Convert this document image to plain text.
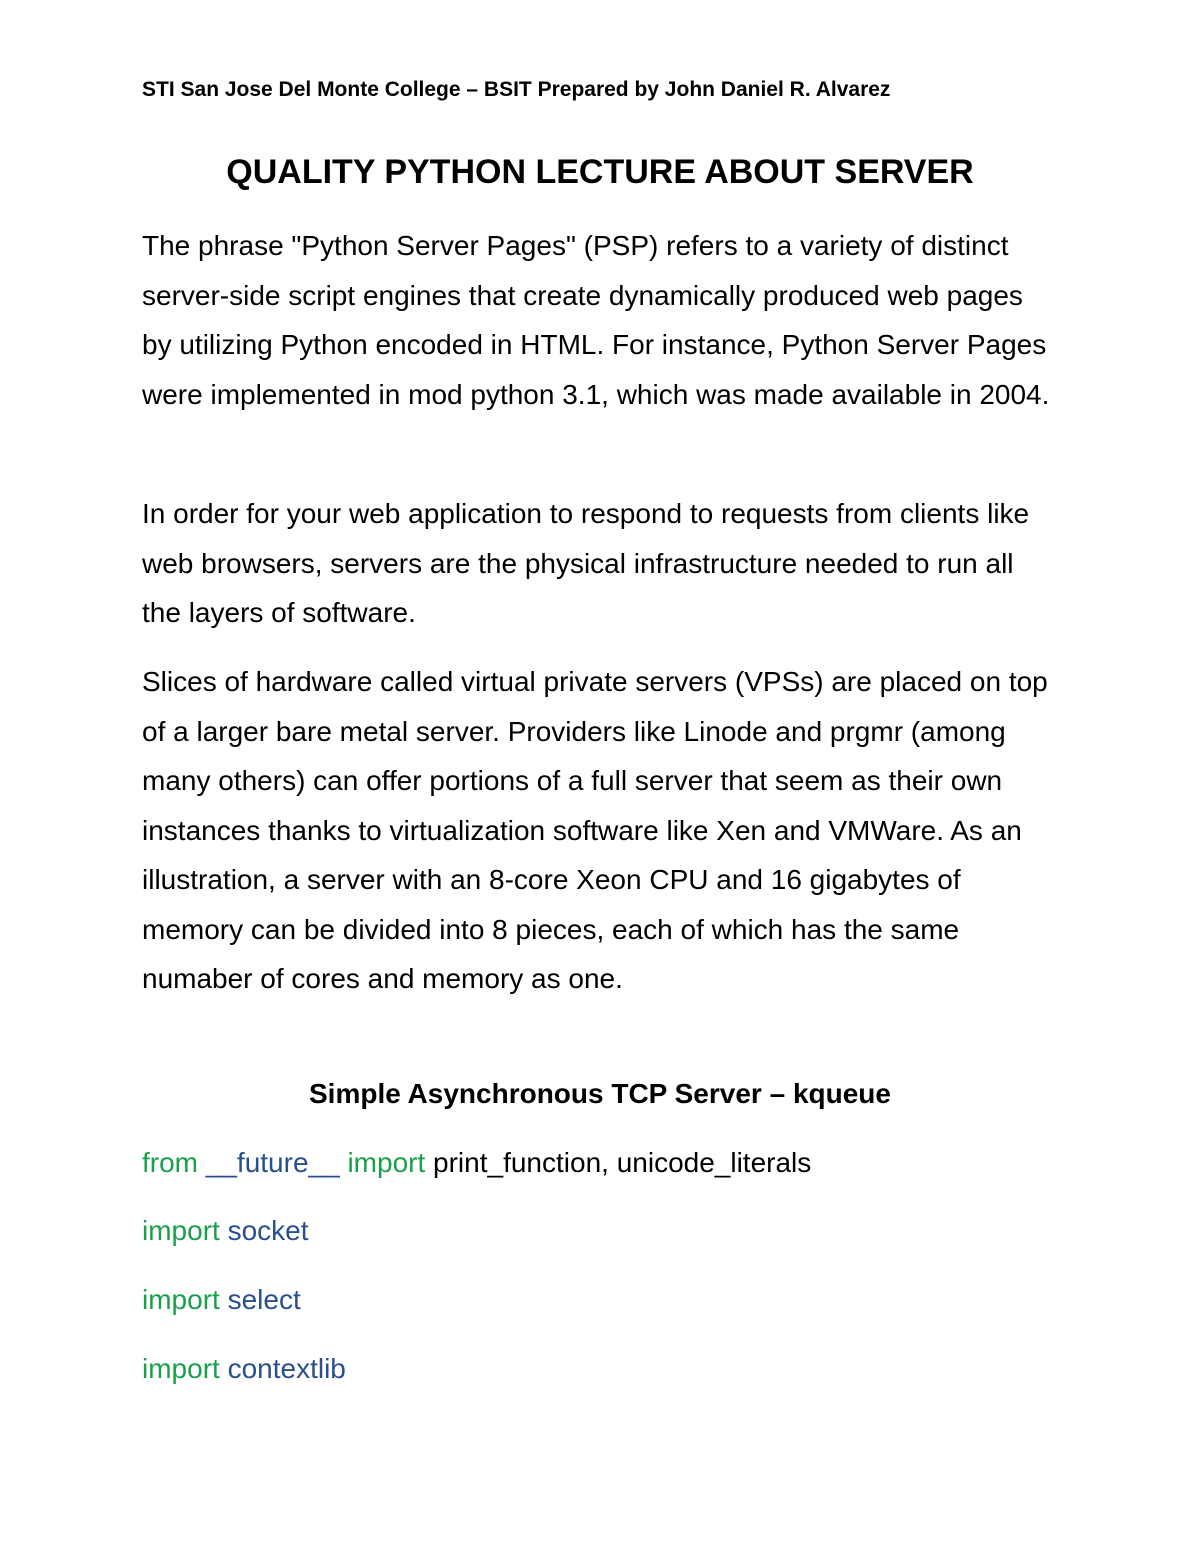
STI San Jose Del Monte College – BSIT Prepared by John Daniel R. Alvarez
QUALITY PYTHON LECTURE ABOUT SERVER

The phrase "Python Server Pages" (PSP) refers to a variety of distinct server-side script engines that create dynamically produced web pages by utilizing Python encoded in HTML. For instance, Python Server Pages were implemented in mod python 3.1, which was made available in 2004.

In order for your web application to respond to requests from clients like web browsers, servers are the physical infrastructure needed to run all the layers of software.

Slices of hardware called virtual private servers (VPSs) are placed on top of a larger bare metal server. Providers like Linode and prgmr (among many others) can offer portions of a full server that seem as their own instances thanks to virtualization software like Xen and VMWare. As an illustration, a server with an 8-core Xeon CPU and 16 gigabytes of memory can be divided into 8 pieces, each of which has the same numaber of cores and memory as one.

Simple Asynchronous TCP Server – kqueue
from __future__ import print_function, unicode_literals
import socket
import select
import contextlib
